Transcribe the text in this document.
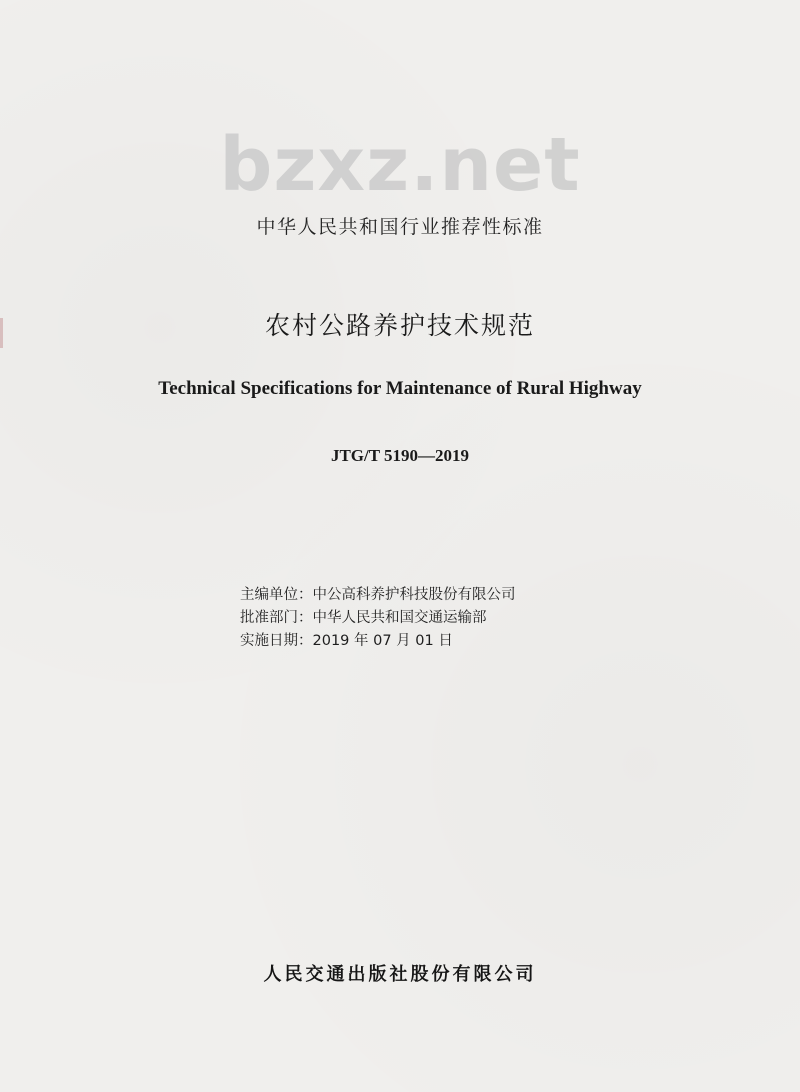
bzxz.net
中华人民共和国行业推荐性标准
农村公路养护技术规范
Technical Specifications for Maintenance of Rural Highway
JTG/T 5190—2019
主编单位：中公高科养护科技股份有限公司
批准部门：中华人民共和国交通运输部
实施日期：2019 年 07 月 01 日
人民交通出版社股份有限公司
